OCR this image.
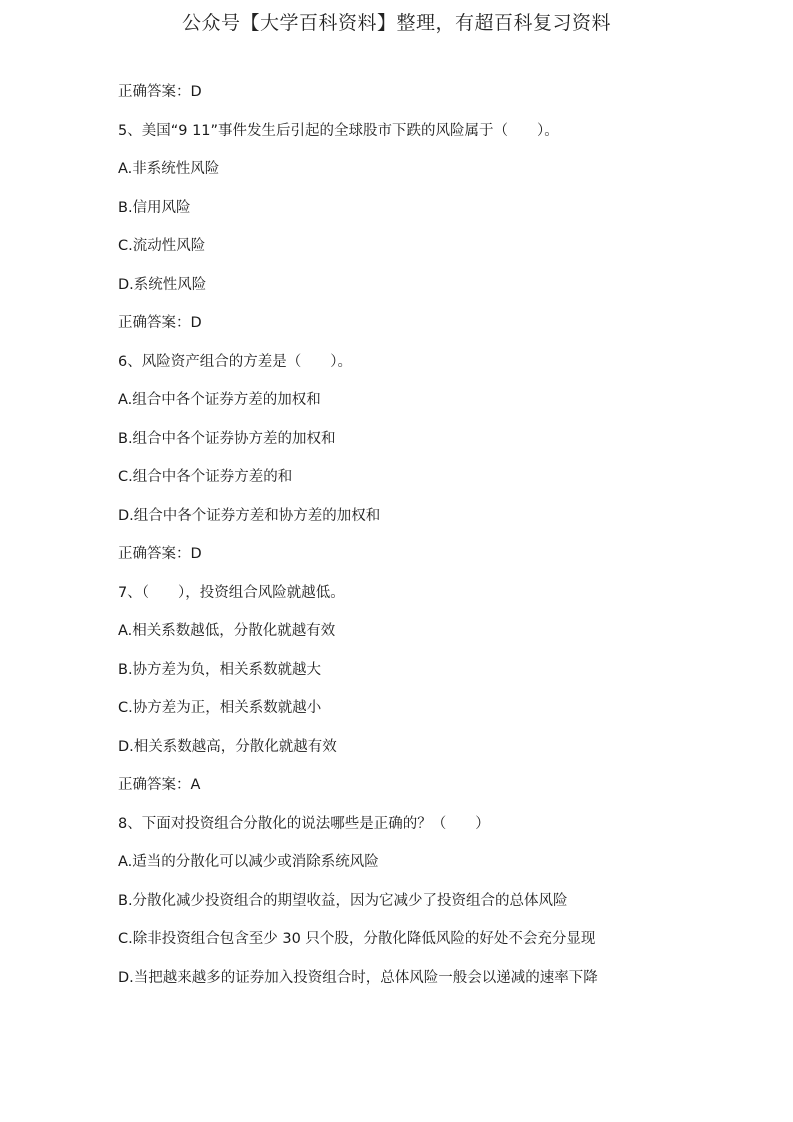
公众号【大学百科资料】整理，有超百科复习资料
正确答案：D
5、美国“9 11”事件发生后引起的全球股市下跌的风险属于（　　）。
A.非系统性风险
B.信用风险
C.流动性风险
D.系统性风险
正确答案：D
6、风险资产组合的方差是（　　）。
A.组合中各个证券方差的加权和
B.组合中各个证券协方差的加权和
C.组合中各个证券方差的和
D.组合中各个证券方差和协方差的加权和
正确答案：D
7、（　　），投资组合风险就越低。
A.相关系数越低，分散化就越有效
B.协方差为负，相关系数就越大
C.协方差为正，相关系数就越小
D.相关系数越高，分散化就越有效
正确答案：A
8、下面对投资组合分散化的说法哪些是正确的？（　　）
A.适当的分散化可以减少或消除系统风险
B.分散化减少投资组合的期望收益，因为它减少了投资组合的总体风险
C.除非投资组合包含至少 30 只个股，分散化降低风险的好处不会充分显现
D.当把越来越多的证券加入投资组合时，总体风险一般会以递减的速率下降
